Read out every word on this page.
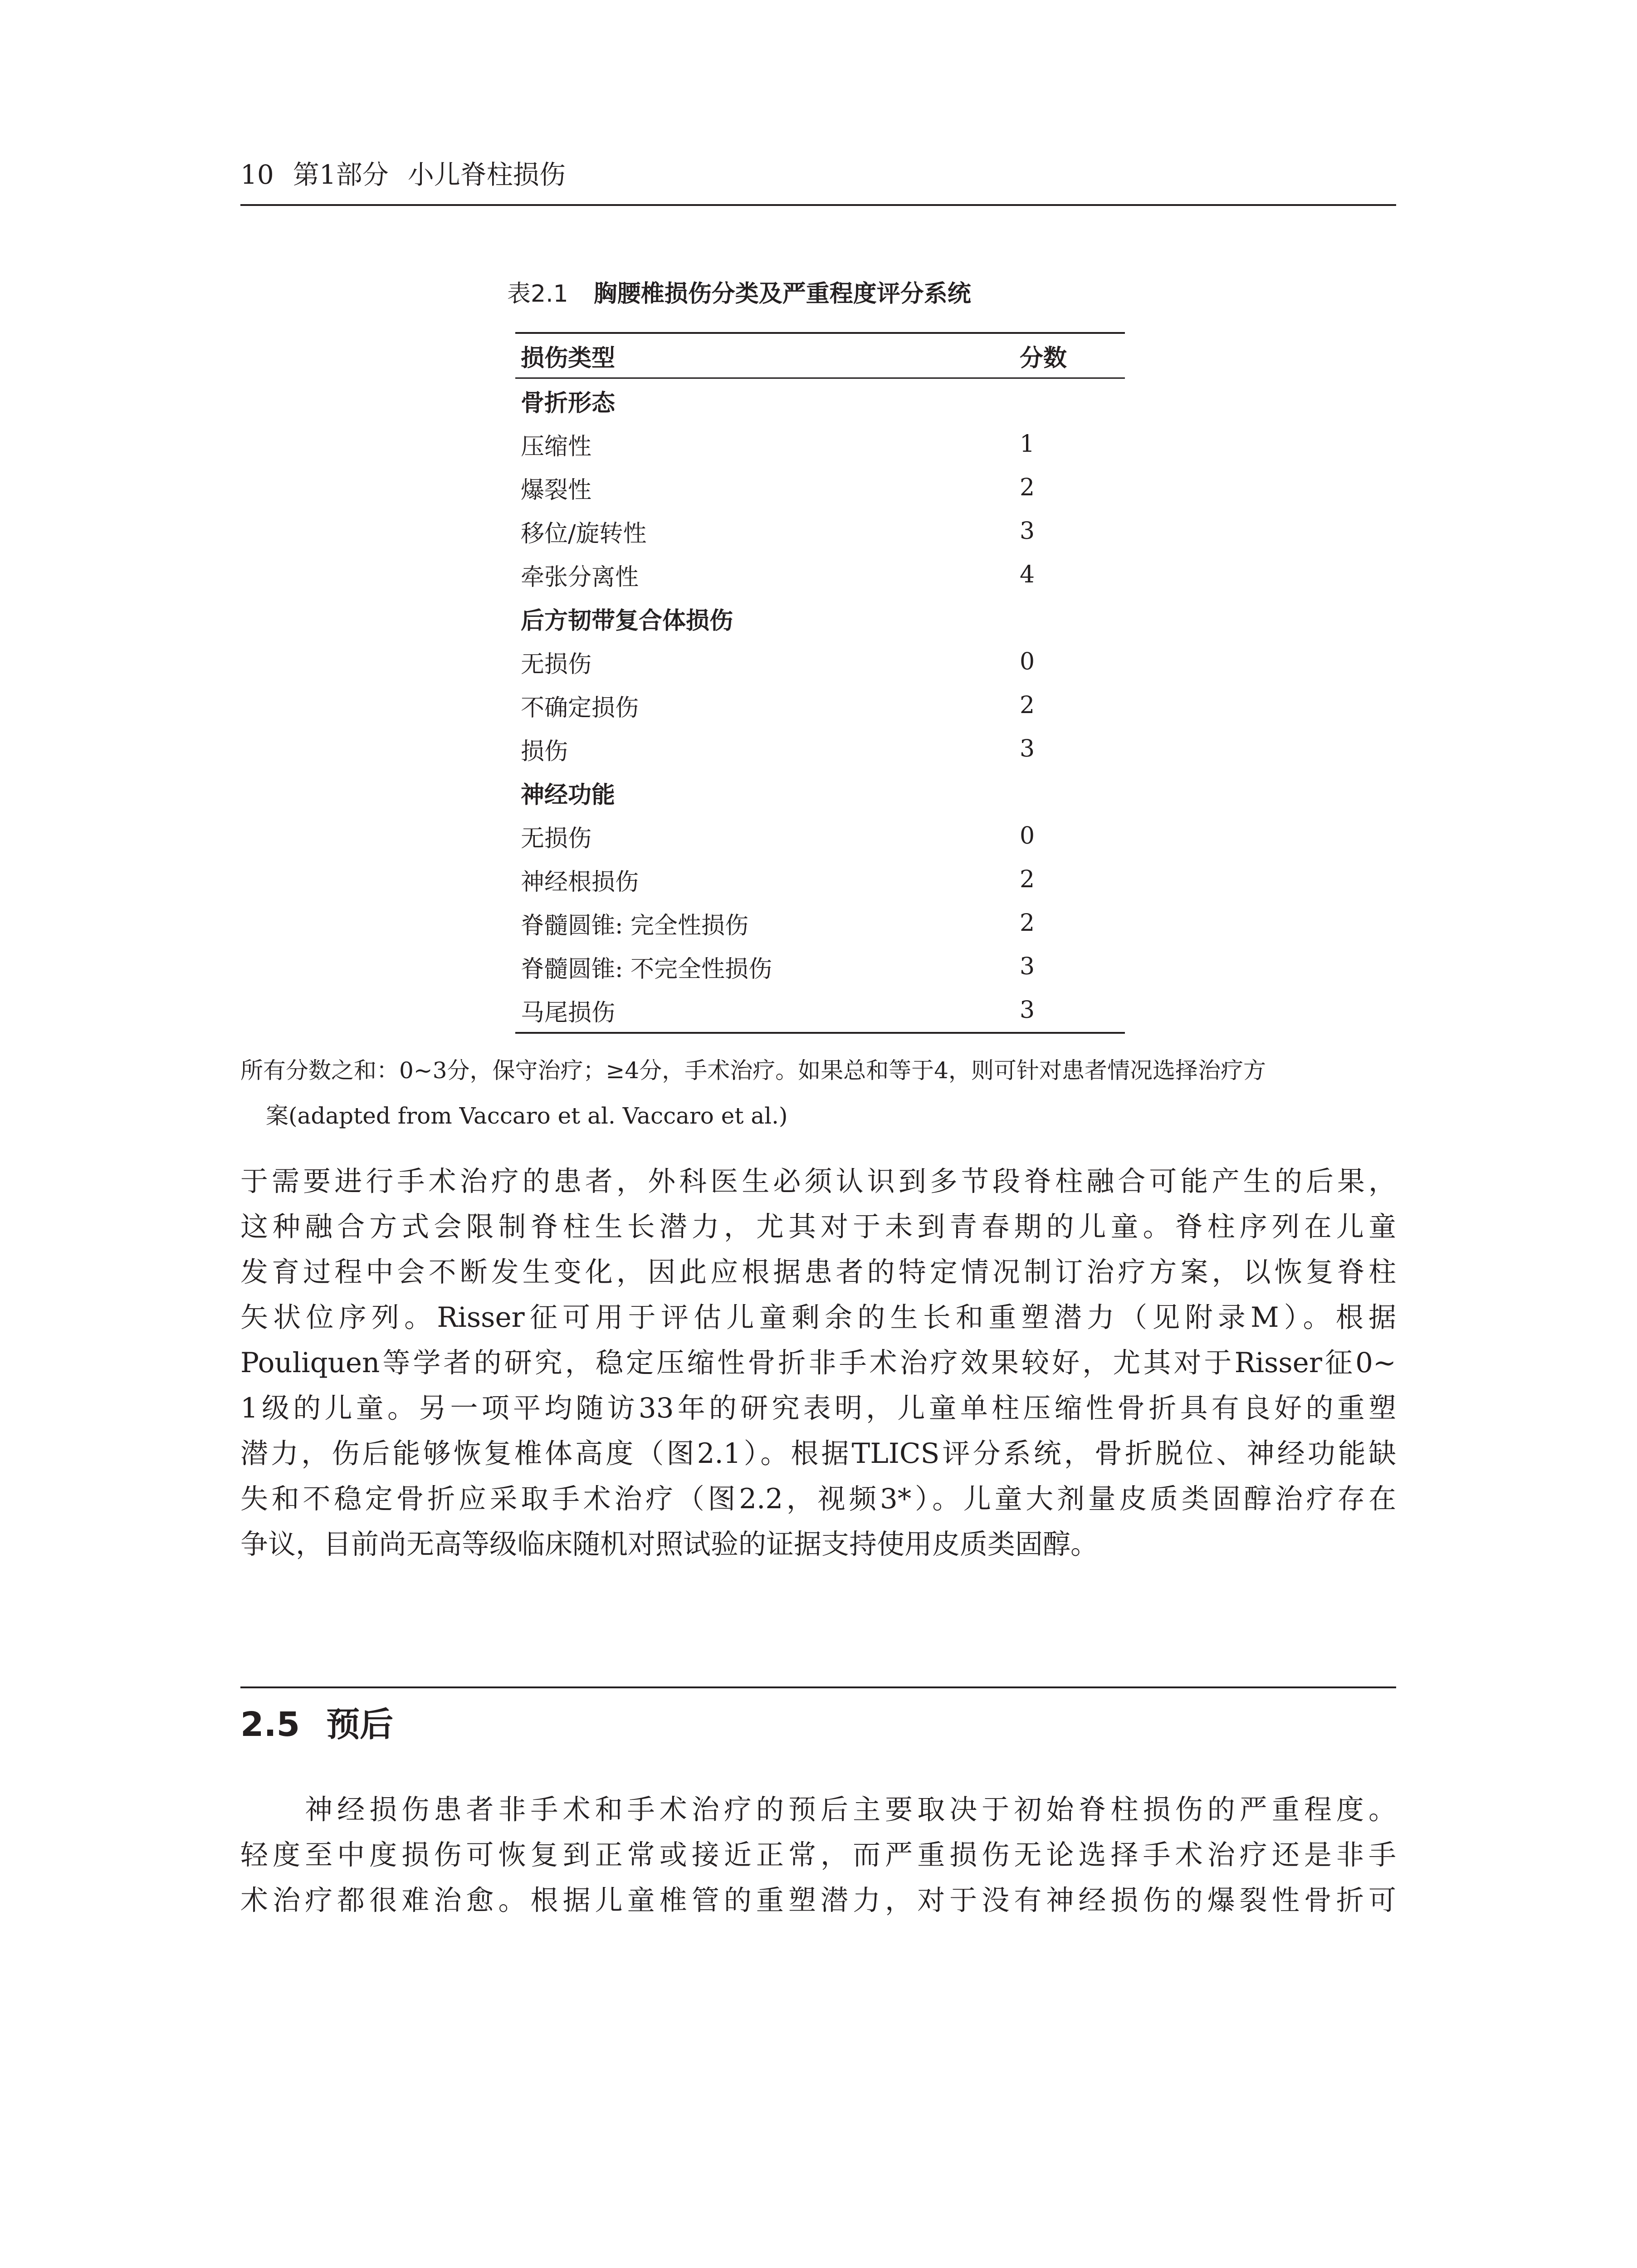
10 第1部分 小儿脊柱损伤
表2.1 胸腰椎损伤分类及严重程度评分系统
损伤类型	分数
骨折形态
压缩性	1
爆裂性	2
移位/旋转性	3
牵张分离性	4
后方韧带复合体损伤
无损伤	0
不确定损伤	2
损伤	3
神经功能
无损伤	0
神经根损伤	2
脊髓圆锥: 完全性损伤	2
脊髓圆锥: 不完全性损伤	3
马尾损伤	3
所有分数之和：0~3分，保守治疗；≥4分，手术治疗。如果总和等于4，则可针对患者情况选择治疗方
案(adapted from Vaccaro et al. Vaccaro et al.)
于需要进行手术治疗的患者，外科医生必须认识到多节段脊柱融合可能产生的后果，
这种融合方式会限制脊柱生长潜力，尤其对于未到青春期的儿童。脊柱序列在儿童
发育过程中会不断发生变化，因此应根据患者的特定情况制订治疗方案，以恢复脊柱
矢状位序列。Risser征可用于评估儿童剩余的生长和重塑潜力（见附录M）。根据
Pouliquen等学者的研究，稳定压缩性骨折非手术治疗效果较好，尤其对于Risser征0~
1级的儿童。另一项平均随访33年的研究表明，儿童单柱压缩性骨折具有良好的重塑
潜力，伤后能够恢复椎体高度（图2.1）。根据TLICS评分系统，骨折脱位、神经功能缺
失和不稳定骨折应采取手术治疗（图2.2，视频3*）。儿童大剂量皮质类固醇治疗存在
争议，目前尚无高等级临床随机对照试验的证据支持使用皮质类固醇。
2.5 预后
　　神经损伤患者非手术和手术治疗的预后主要取决于初始脊柱损伤的严重程度。
轻度至中度损伤可恢复到正常或接近正常，而严重损伤无论选择手术治疗还是非手
术治疗都很难治愈。根据儿童椎管的重塑潜力，对于没有神经损伤的爆裂性骨折可
